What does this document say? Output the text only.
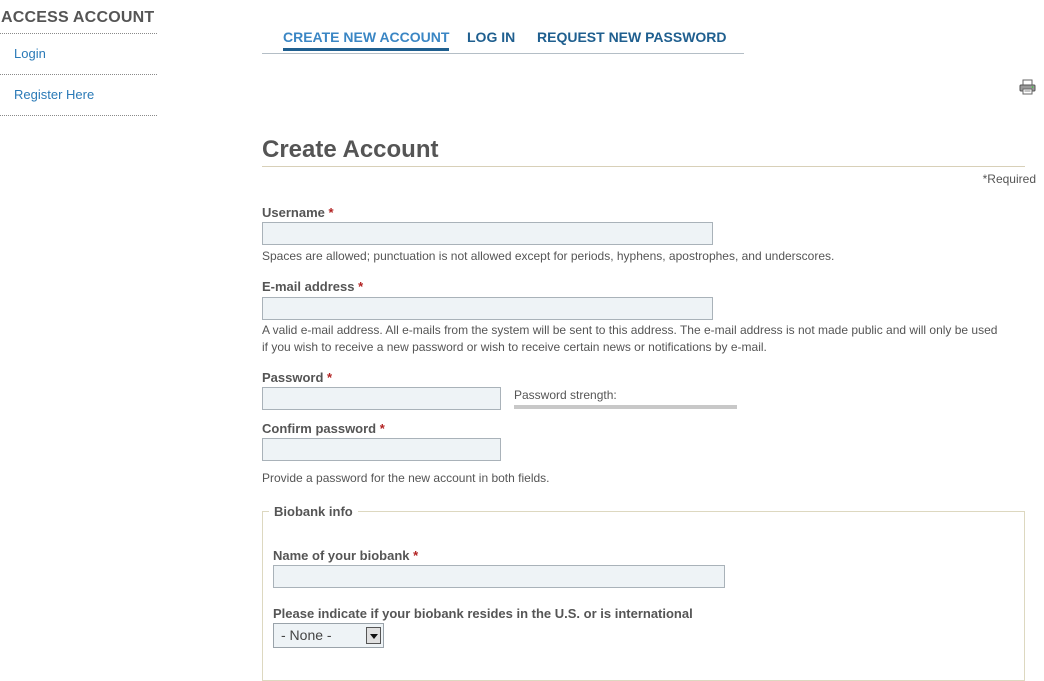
ACCESS ACCOUNT
Login
Register Here
CREATE NEW ACCOUNT LOG IN REQUEST NEW PASSWORD
Create Account
*Required
Username *
Spaces are allowed; punctuation is not allowed except for periods, hyphens, apostrophes, and underscores.
E-mail address *
A valid e-mail address. All e-mails from the system will be sent to this address. The e-mail address is not made public and will only be used
if you wish to receive a new password or wish to receive certain news or notifications by e-mail.
Password *
Password strength:
Confirm password *
Provide a password for the new account in both fields.
Biobank info
Name of your biobank *
Please indicate if your biobank resides in the U.S. or is international
- None -
